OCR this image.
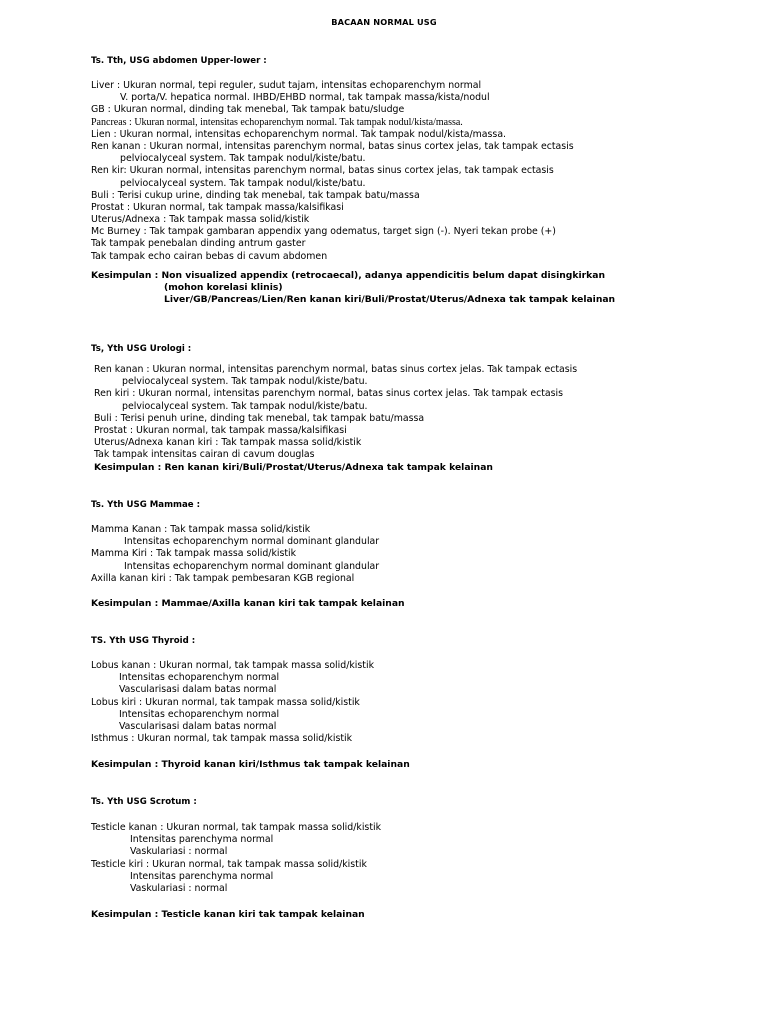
BACAAN NORMAL USG
Ts. Tth, USG abdomen Upper-lower :
Liver : Ukuran normal, tepi reguler, sudut tajam, intensitas echoparenchym normal
V. porta/V. hepatica normal. IHBD/EHBD normal, tak tampak massa/kista/nodul
GB : Ukuran normal, dinding tak menebal, Tak tampak batu/sludge
Pancreas : Ukuran normal, intensitas echoparenchym normal. Tak tampak nodul/kista/massa.
Lien : Ukuran normal, intensitas echoparenchym normal. Tak tampak nodul/kista/massa.
Ren kanan : Ukuran normal, intensitas parenchym normal, batas sinus cortex jelas, tak tampak ectasis
pelviocalyceal system. Tak tampak nodul/kiste/batu.
Ren kir: Ukuran normal, intensitas parenchym normal, batas sinus cortex jelas, tak tampak ectasis
pelviocalyceal system. Tak tampak nodul/kiste/batu.
Buli : Terisi cukup urine, dinding tak menebal, tak tampak batu/massa
Prostat : Ukuran normal, tak tampak massa/kalsifikasi
Uterus/Adnexa : Tak tampak massa solid/kistik
Mc Burney : Tak tampak gambaran appendix yang odematus, target sign (-). Nyeri tekan probe (+)
Tak tampak penebalan dinding antrum gaster
Tak tampak echo cairan bebas di cavum abdomen
Kesimpulan : Non visualized appendix (retrocaecal), adanya appendicitis belum dapat disingkirkan
(mohon korelasi klinis)
Liver/GB/Pancreas/Lien/Ren kanan kiri/Buli/Prostat/Uterus/Adnexa tak tampak kelainan
Ts, Yth USG Urologi :
Ren kanan : Ukuran normal, intensitas parenchym normal, batas sinus cortex jelas. Tak tampak ectasis
pelviocalyceal system. Tak tampak nodul/kiste/batu.
Ren kiri : Ukuran normal, intensitas parenchym normal, batas sinus cortex jelas. Tak tampak ectasis
pelviocalyceal system. Tak tampak nodul/kiste/batu.
Buli : Terisi penuh urine, dinding tak menebal, tak tampak batu/massa
Prostat : Ukuran normal, tak tampak massa/kalsifikasi
Uterus/Adnexa kanan kiri : Tak tampak massa solid/kistik
Tak tampak intensitas cairan di cavum douglas
Kesimpulan : Ren kanan kiri/Buli/Prostat/Uterus/Adnexa tak tampak kelainan
Ts. Yth USG Mammae :
Mamma Kanan : Tak tampak massa solid/kistik
Intensitas echoparenchym normal dominant glandular
Mamma Kiri : Tak tampak massa solid/kistik
Intensitas echoparenchym normal dominant glandular
Axilla kanan kiri : Tak tampak pembesaran KGB regional
Kesimpulan : Mammae/Axilla kanan kiri tak tampak kelainan
TS. Yth USG Thyroid :
Lobus kanan : Ukuran normal, tak tampak massa solid/kistik
Intensitas echoparenchym normal
Vascularisasi dalam batas normal
Lobus kiri : Ukuran normal, tak tampak massa solid/kistik
Intensitas echoparenchym normal
Vascularisasi dalam batas normal
Isthmus : Ukuran normal, tak tampak massa solid/kistik
Kesimpulan : Thyroid kanan kiri/Isthmus tak tampak kelainan
Ts. Yth USG Scrotum :
Testicle kanan : Ukuran normal, tak tampak massa solid/kistik
Intensitas parenchyma normal
Vaskulariasi : normal
Testicle kiri : Ukuran normal, tak tampak massa solid/kistik
Intensitas parenchyma normal
Vaskulariasi : normal
Kesimpulan : Testicle kanan kiri tak tampak kelainan
